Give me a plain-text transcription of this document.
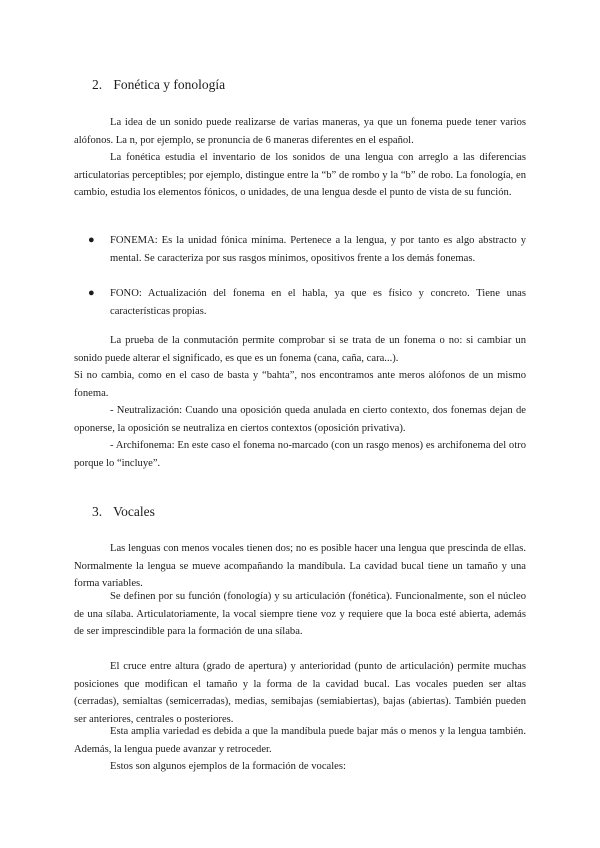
2. Fonética y fonología

La idea de un sonido puede realizarse de varias maneras, ya que un fonema puede tener varios alófonos. La n, por ejemplo, se pronuncia de 6 maneras diferentes en el español.

La fonética estudia el inventario de los sonidos de una lengua con arreglo a las diferencias articulatorias perceptibles; por ejemplo, distingue entre la “b” de rombo y la “b” de robo. La fonología, en cambio, estudia los elementos fónicos, o unidades, de una lengua desde el punto de vista de su función.

● FONEMA: Es la unidad fónica mínima. Pertenece a la lengua, y por tanto es algo abstracto y mental. Se caracteriza por sus rasgos mínimos, opositivos frente a los demás fonemas.
● FONO: Actualización del fonema en el habla, ya que es físico y concreto. Tiene unas características propias.

La prueba de la conmutación permite comprobar si se trata de un fonema o no: si cambiar un sonido puede alterar el significado, es que es un fonema (cana, caña, cara...).

Si no cambia, como en el caso de basta y “bahta”, nos encontramos ante meros alófonos de un mismo fonema.

- Neutralización: Cuando una oposición queda anulada en cierto contexto, dos fonemas dejan de oponerse, la oposición se neutraliza en ciertos contextos (oposición privativa).

- Archifonema: En este caso el fonema no-marcado (con un rasgo menos) es archifonema del otro porque lo “incluye”.

3. Vocales

Las lenguas con menos vocales tienen dos; no es posible hacer una lengua que prescinda de ellas. Normalmente la lengua se mueve acompañando la mandíbula. La cavidad bucal tiene un tamaño y una forma variables.

Se definen por su función (fonología) y su articulación (fonética). Funcionalmente, son el núcleo de una sílaba. Articulatoriamente, la vocal siempre tiene voz y requiere que la boca esté abierta, además de ser imprescindible para la formación de una sílaba.

El cruce entre altura (grado de apertura) y anterioridad (punto de articulación) permite muchas posiciones que modifican el tamaño y la forma de la cavidad bucal. Las vocales pueden ser altas (cerradas), semialtas (semicerradas), medias, semibajas (semiabiertas), bajas (abiertas). También pueden ser anteriores, centrales o posteriores.

Esta amplia variedad es debida a que la mandíbula puede bajar más o menos y la lengua también. Además, la lengua puede avanzar y retroceder.

Estos son algunos ejemplos de la formación de vocales:
